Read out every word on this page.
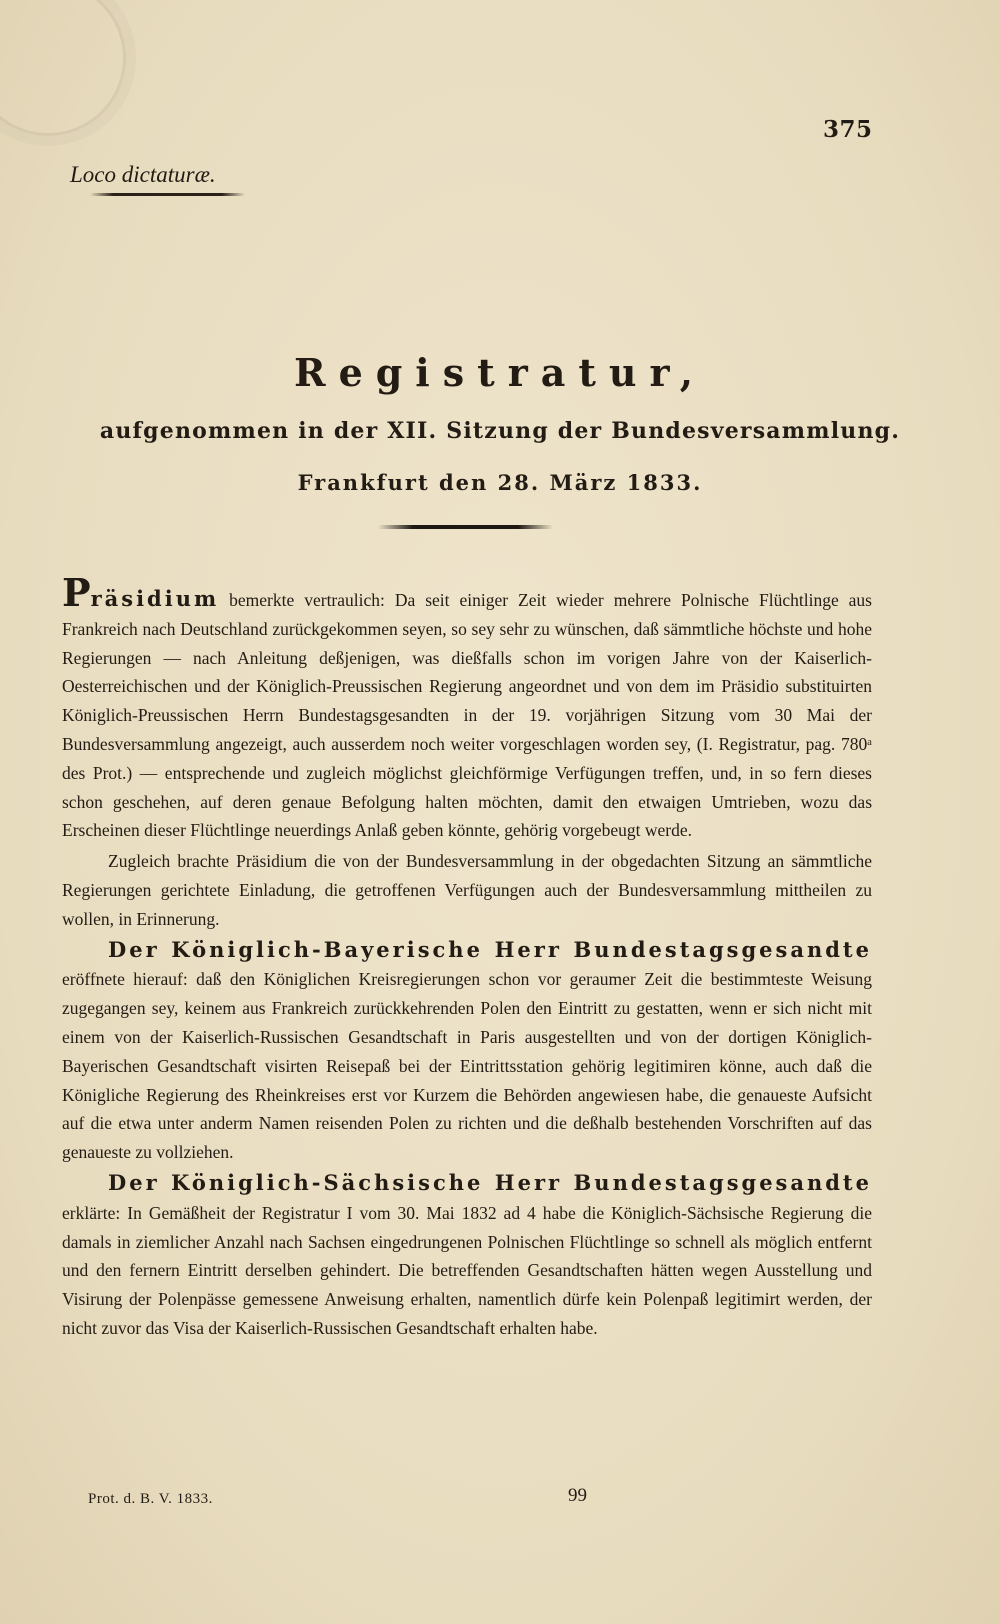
375
Loco dictaturæ.
Registratur,
aufgenommen in der XII. Sitzung der Bundesversammlung.
Frankfurt den 28. März 1833.

Präsidium bemerkte vertraulich: Da seit einiger Zeit wieder mehrere Polnische Flüchtlinge aus Frankreich nach Deutschland zurückgekommen seyen, so sey sehr zu wünschen, daß sämmtliche höchste und hohe Regierungen — nach Anleitung deßjenigen, was dießfalls schon im vorigen Jahre von der Kaiserlich-Oesterreichischen und der Königlich-Preussischen Regierung angeordnet und von dem im Präsidio substituirten Königlich-Preussischen Herrn Bundestagsgesandten in der 19. vorjährigen Sitzung vom 30 Mai der Bundesversammlung angezeigt, auch ausserdem noch weiter vorgeschlagen worden sey, (I. Registratur, pag. 780ᵃ des Prot.) — entsprechende und zugleich möglichst gleichförmige Verfügungen treffen, und, in so fern dieses schon geschehen, auf deren genaue Befolgung halten möchten, damit den etwaigen Umtrieben, wozu das Erscheinen dieser Flüchtlinge neuerdings Anlaß geben könnte, gehörig vorgebeugt werde.

Zugleich brachte Präsidium die von der Bundesversammlung in der obgedachten Sitzung an sämmtliche Regierungen gerichtete Einladung, die getroffenen Verfügungen auch der Bundesversammlung mittheilen zu wollen, in Erinnerung.

Der Königlich-Bayerische Herr Bundestagsgesandte eröffnete hierauf: daß den Königlichen Kreisregierungen schon vor geraumer Zeit die bestimmteste Weisung zugegangen sey, keinem aus Frankreich zurückkehrenden Polen den Eintritt zu gestatten, wenn er sich nicht mit einem von der Kaiserlich-Russischen Gesandtschaft in Paris ausgestellten und von der dortigen Königlich-Bayerischen Gesandtschaft visirten Reisepaß bei der Eintrittsstation gehörig legitimiren könne, auch daß die Königliche Regierung des Rheinkreises erst vor Kurzem die Behörden angewiesen habe, die genaueste Aufsicht auf die etwa unter anderm Namen reisenden Polen zu richten und die deßhalb bestehenden Vorschriften auf das genaueste zu vollziehen.

Der Königlich-Sächsische Herr Bundestagsgesandte erklärte: In Gemäßheit der Registratur I vom 30. Mai 1832 ad 4 habe die Königlich-Sächsische Regierung die damals in ziemlicher Anzahl nach Sachsen eingedrungenen Polnischen Flüchtlinge so schnell als möglich entfernt und den fernern Eintritt derselben gehindert. Die betreffenden Gesandtschaften hätten wegen Ausstellung und Visirung der Polenpässe gemessene Anweisung erhalten, namentlich dürfe kein Polenpaß legitimirt werden, der nicht zuvor das Visa der Kaiserlich-Russischen Gesandtschaft erhalten habe.

Prot. d. B. V. 1833.	99
